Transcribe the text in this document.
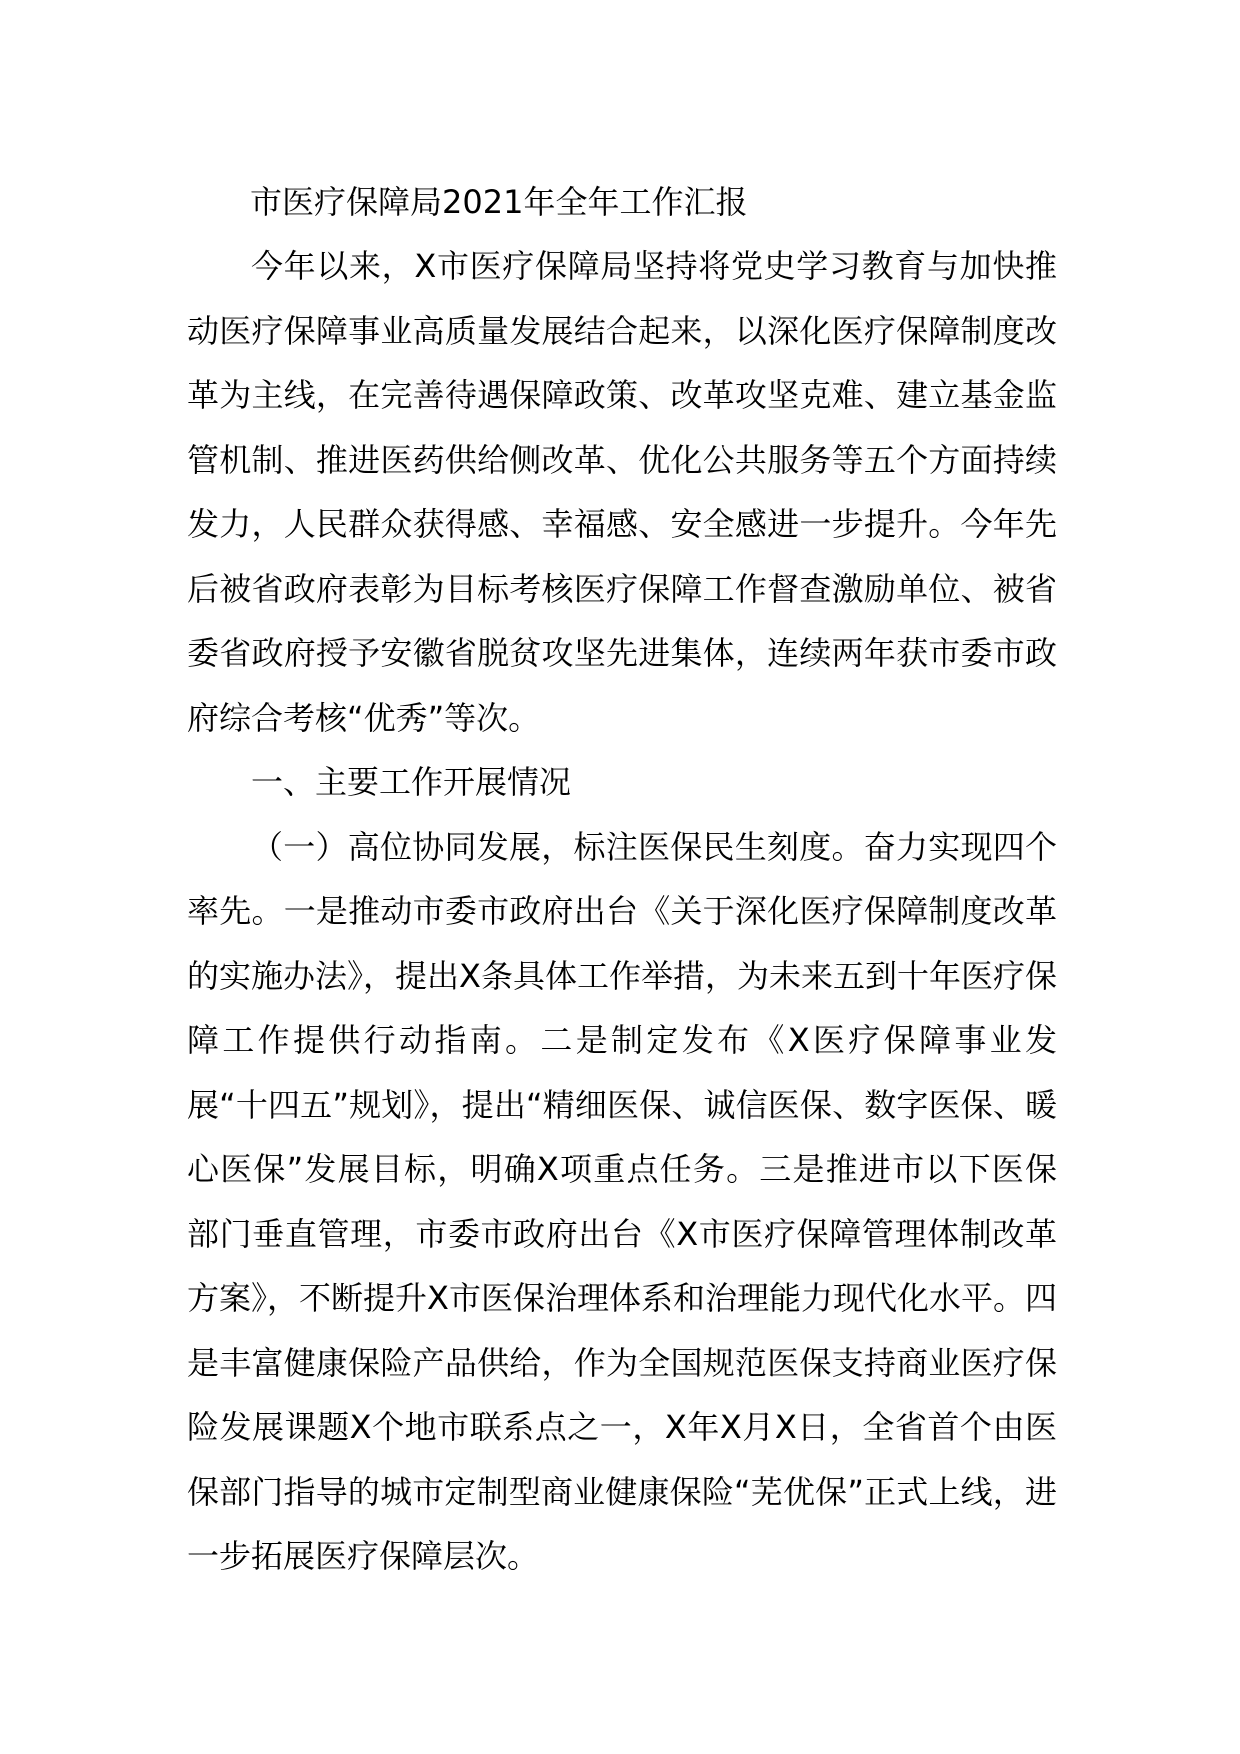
市医疗保障局2021年全年工作汇报

今年以来，X市医疗保障局坚持将党史学习教育与加快推动医疗保障事业高质量发展结合起来，以深化医疗保障制度改革为主线，在完善待遇保障政策、改革攻坚克难、建立基金监管机制、推进医药供给侧改革、优化公共服务等五个方面持续发力，人民群众获得感、幸福感、安全感进一步提升。今年先后被省政府表彰为目标考核医疗保障工作督查激励单位、被省委省政府授予安徽省脱贫攻坚先进集体，连续两年获市委市政府综合考核“优秀”等次。

一、主要工作开展情况

（一）高位协同发展，标注医保民生刻度。奋力实现四个率先。一是推动市委市政府出台《关于深化医疗保障制度改革的实施办法》，提出X条具体工作举措，为未来五到十年医疗保障工作提供行动指南。二是制定发布《X医疗保障事业发展“十四五”规划》，提出“精细医保、诚信医保、数字医保、暖心医保”发展目标，明确X项重点任务。三是推进市以下医保部门垂直管理，市委市政府出台《X市医疗保障管理体制改革方案》，不断提升X市医保治理体系和治理能力现代化水平。四是丰富健康保险产品供给，作为全国规范医保支持商业医疗保险发展课题X个地市联系点之一，X年X月X日，全省首个由医保部门指导的城市定制型商业健康保险“芜优保”正式上线，进一步拓展医疗保障层次。
